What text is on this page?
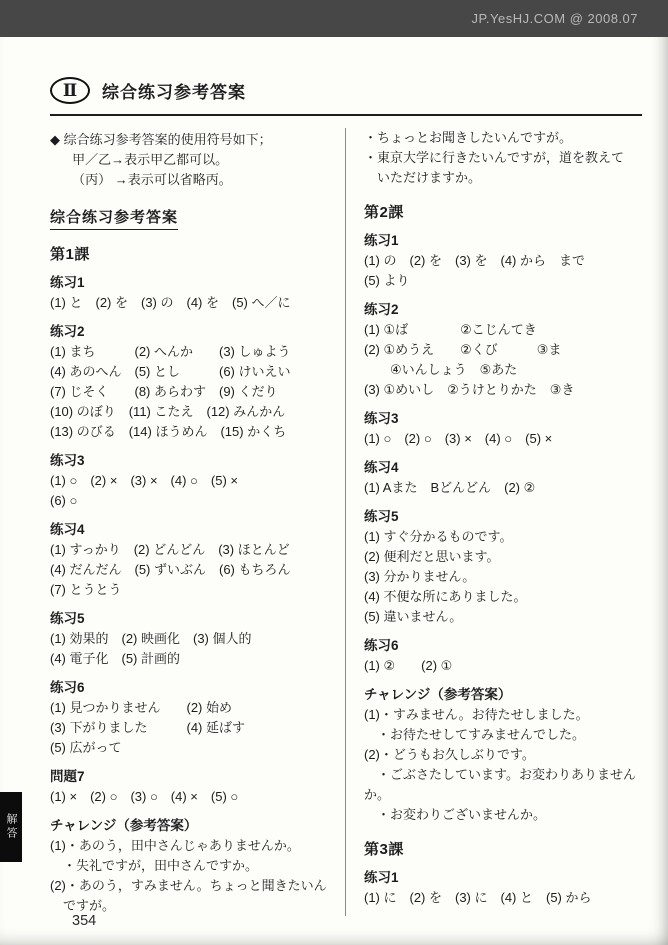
JP.YesHJ.COM @ 2008.07
Ⅱ	综合练习参考答案
◆ 综合练习参考答案的使用符号如下；
甲／乙→表示甲乙都可以。
（丙） →表示可以省略丙。
综合练习参考答案
第1課
练习1
(1) と　(2) を　(3) の　(4) を　(5) へ／に
练习2
(1) まち　　　(2) へんか　　(3) しゅよう
(4) あのへん　(5) とし　　　(6) けいえい
(7) じそく　　(8) あらわす　(9) くだり
(10) のぼり　(11) こたえ　(12) みんかん
(13) のびる　(14) ほうめん　(15) かくち
练习3
(1) ○　(2) ×　(3) ×　(4) ○　(5) ×
(6) ○
练习4
(1) すっかり　(2) どんどん　(3) ほとんど
(4) だんだん　(5) ずいぶん　(6) もちろん
(7) とうとう
练习5
(1) 効果的　(2) 映画化　(3) 個人的
(4) 電子化　(5) 計画的
练习6
(1) 見つかりません　　(2) 始め
(3) 下がりました　　　(4) 延ばす
(5) 広がって
問題7
(1) ×　(2) ○　(3) ○　(4) ×　(5) ○
チャレンジ（参考答案）
(1)・あのう，田中さんじゃありませんか。
　・失礼ですが，田中さんですか。
(2)・あのう，すみません。ちょっと聞きたいん
　ですが。
・ちょっとお聞きしたいんですが。
・東京大学に行きたいんですが，道を教えて
　いただけますか。
第2課
练习1
(1) の　(2) を　(3) を　(4) から　まで
(5) より
练习2
(1) ①ば　　　　②こじんてき
(2) ①めうえ　　②くび　　　③ま
　　④いんしょう　⑤あた
(3) ①めいし　②うけとりかた　③き
练习3
(1) ○　(2) ○　(3) ×　(4) ○　(5) ×
练习4
(1) Aまた　Bどんどん　(2) ②
练习5
(1) すぐ分かるものです。
(2) 便利だと思います。
(3) 分かりません。
(4) 不便な所にありました。
(5) 違いません。
练习6
(1) ②　　(2) ①
チャレンジ（参考答案）
(1)・すみません。お待たせしました。
　・お待たせしてすみませんでした。
(2)・どうもお久しぶりです。
　・ごぶさたしています。お変わりありませんか。
　・お変わりございませんか。
第3課
练习1
(1) に　(2) を　(3) に　(4) と　(5) から
解答
354
